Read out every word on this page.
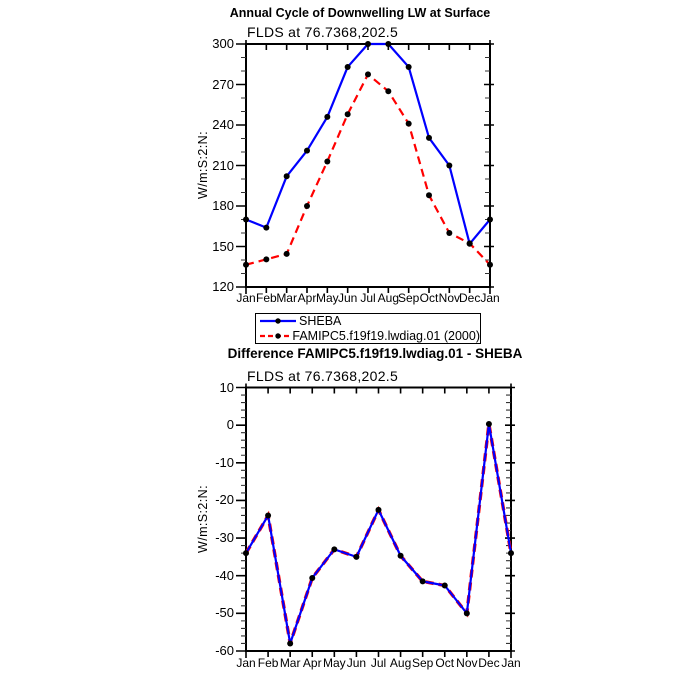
Jan Feb Mar Apr May Jun Jul Aug
Sep Oct Nov
Dec Jan
120
150
180
210
240
270
300
Jan Feb Mar Apr May Jun Jul Aug Sep Oct Nov Dec Jan
-60
-50
-40
-30
-20
-10
0
10
Annual Cycle of Downwelling LW at Surface
FLDS at 76.7368,202.5
W/m:S:2:N:
SHEBA
FAMIPC5.f19f19.lwdiag.01 (2000)
Difference FAMIPC5.f19f19.lwdiag.01 - SHEBA
FLDS at 76.7368,202.5
W/m:S:2:N:
